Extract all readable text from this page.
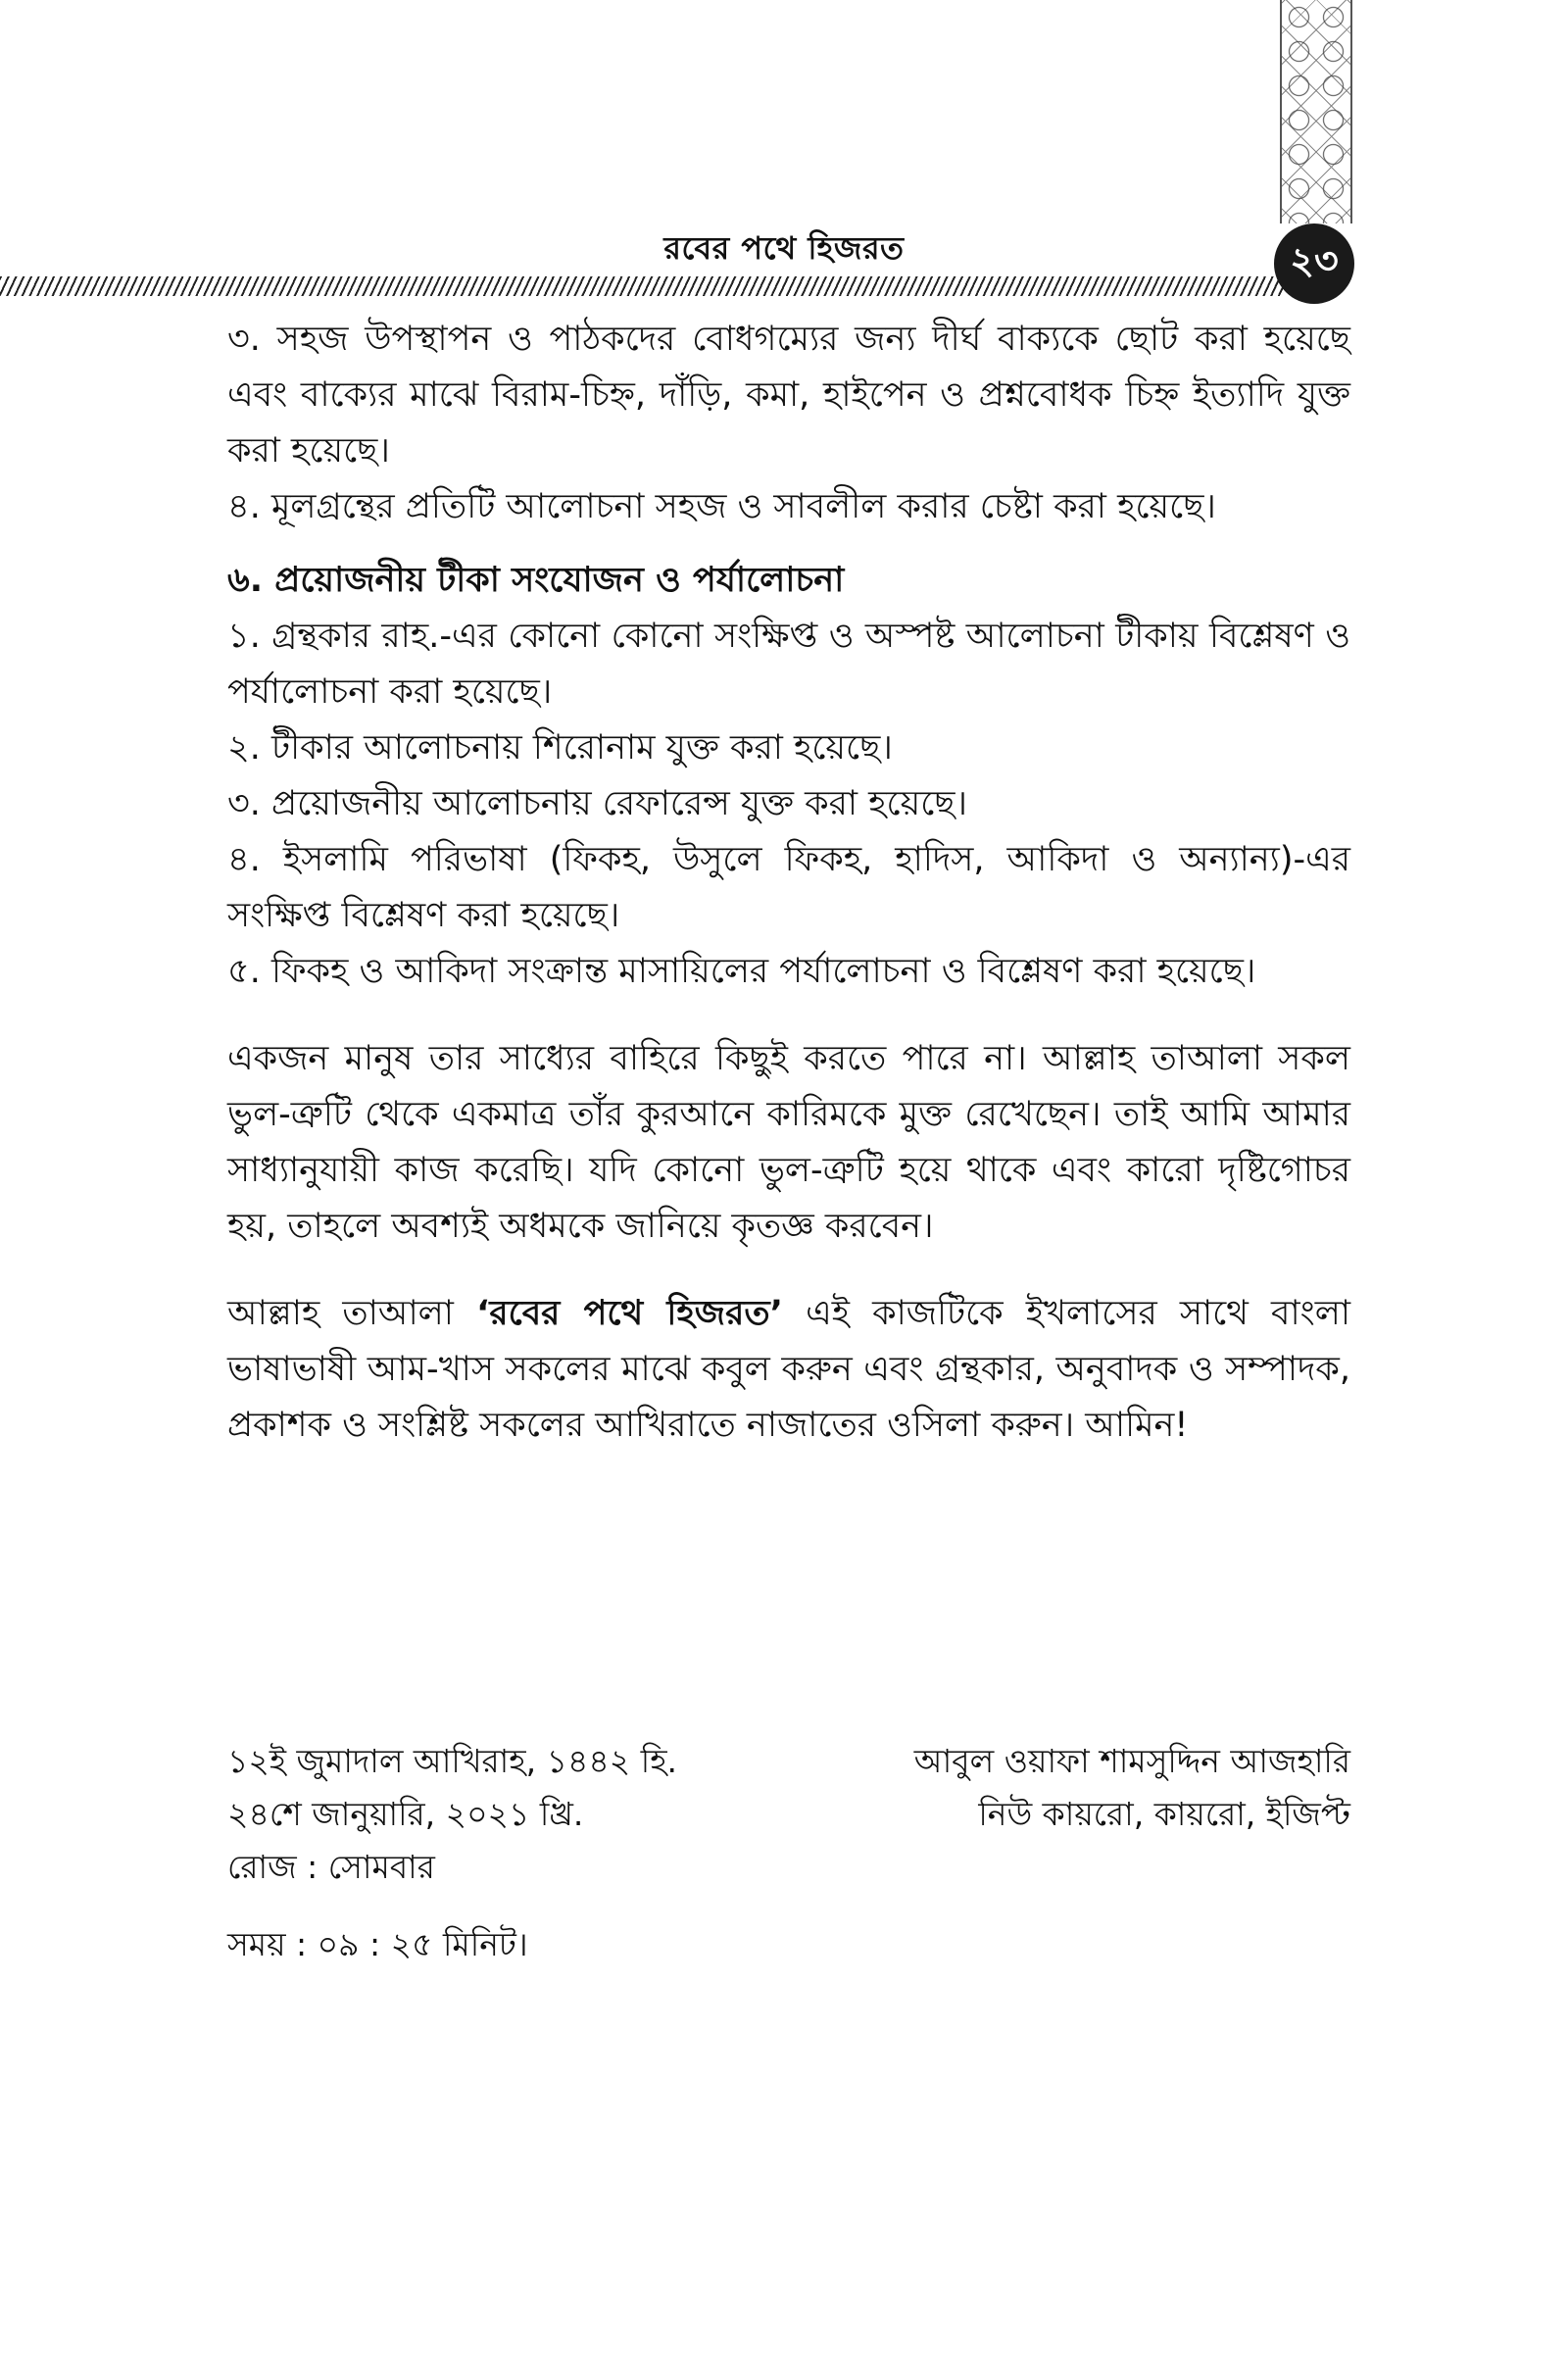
রবের পথে হিজরত	২৩

৩. সহজ উপস্থাপন ও পাঠকদের বোধগম্যের জন্য দীর্ঘ বাক্যকে ছোট করা হয়েছে এবং বাক্যের মাঝে বিরাম-চিহ্ন, দাঁড়ি, কমা, হাইপেন ও প্রশ্নবোধক চিহ্ন ইত্যাদি যুক্ত করা হয়েছে।

৪. মূলগ্রন্থের প্রতিটি আলোচনা সহজ ও সাবলীল করার চেষ্টা করা হয়েছে।

৬. প্রয়োজনীয় টীকা সংযোজন ও পর্যালোচনা

১. গ্রন্থকার রাহ.-এর কোনো কোনো সংক্ষিপ্ত ও অস্পষ্ট আলোচনা টীকায় বিশ্লেষণ ও পর্যালোচনা করা হয়েছে।

২. টীকার আলোচনায় শিরোনাম যুক্ত করা হয়েছে।

৩. প্রয়োজনীয় আলোচনায় রেফারেন্স যুক্ত করা হয়েছে।

৪. ইসলামি পরিভাষা (ফিকহ, উসুলে ফিকহ, হাদিস, আকিদা ও অন্যান্য)-এর সংক্ষিপ্ত বিশ্লেষণ করা হয়েছে।

৫. ফিকহ ও আকিদা সংক্রান্ত মাসায়িলের পর্যালোচনা ও বিশ্লেষণ করা হয়েছে।

একজন মানুষ তার সাধ্যের বাহিরে কিছুই করতে পারে না। আল্লাহ তাআলা সকল ভুল-ত্রুটি থেকে একমাত্র তাঁর কুরআনে কারিমকে মুক্ত রেখেছেন। তাই আমি আমার সাধ্যানুযায়ী কাজ করেছি। যদি কোনো ভুল-ত্রুটি হয়ে থাকে এবং কারো দৃষ্টিগোচর হয়, তাহলে অবশ্যই অধমকে জানিয়ে কৃতজ্ঞ করবেন।

আল্লাহ তাআলা ‘রবের পথে হিজরত’ এই কাজটিকে ইখলাসের সাথে বাংলা ভাষাভাষী আম-খাস সকলের মাঝে কবুল করুন এবং গ্রন্থকার, অনুবাদক ও সম্পাদক, প্রকাশক ও সংশ্লিষ্ট সকলের আখিরাতে নাজাতের ওসিলা করুন। আমিন!

১২ই জুমাদাল আখিরাহ, ১৪৪২ হি.	আবুল ওয়াফা শামসুদ্দিন আজহারি
২৪শে জানুয়ারি, ২০২১ খ্রি.	নিউ কায়রো, কায়রো, ইজিপ্ট
রোজ : সোমবার
সময় : ০৯ : ২৫ মিনিট।
